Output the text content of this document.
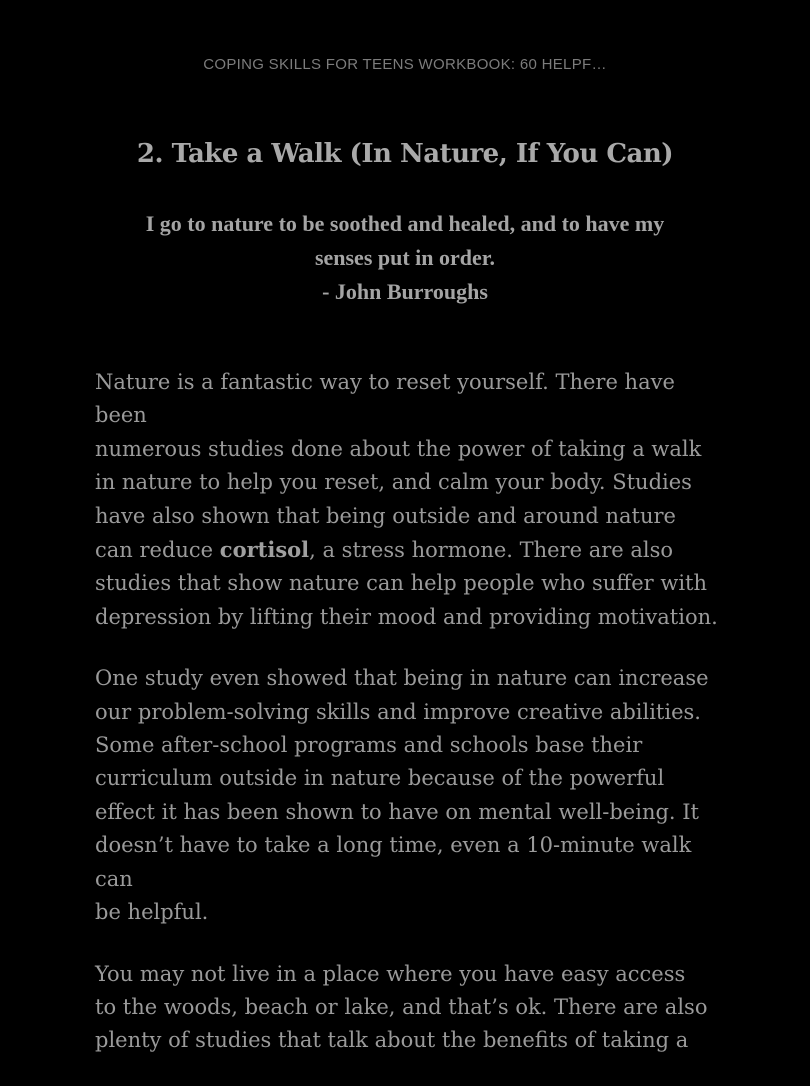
COPING SKILLS FOR TEENS WORKBOOK: 60 HELPF…
2. Take a Walk (In Nature, If You Can)
I go to nature to be soothed and healed, and to have my
senses put in order.
- John Burroughs

Nature is a fantastic way to reset yourself. There have been
numerous studies done about the power of taking a walk
in nature to help you reset, and calm your body. Studies
have also shown that being outside and around nature
can reduce cortisol, a stress hormone. There are also
studies that show nature can help people who suffer with
depression by lifting their mood and providing motivation.

One study even showed that being in nature can increase
our problem-solving skills and improve creative abilities.
Some after-school programs and schools base their
curriculum outside in nature because of the powerful
effect it has been shown to have on mental well-being. It
doesn’t have to take a long time, even a 10-minute walk can
be helpful.

You may not live in a place where you have easy access
to the woods, beach or lake, and that’s ok. There are also
plenty of studies that talk about the benefits of taking a
